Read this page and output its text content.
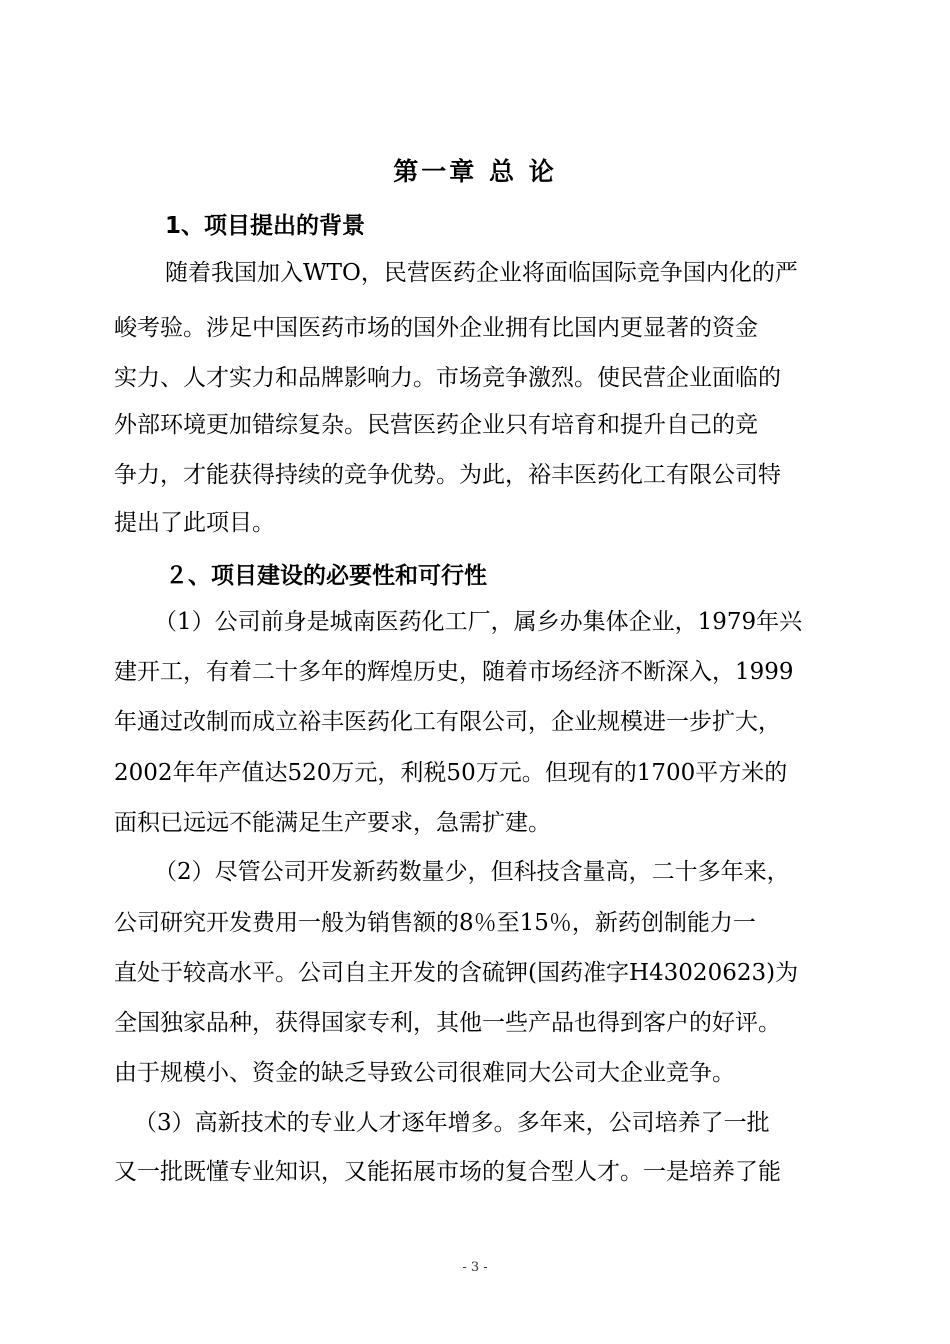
第一章 总 论
1、项目提出的背景
随着我国加入WTO，民营医药企业将面临国际竞争国内化的严
峻考验。涉足中国医药市场的国外企业拥有比国内更显著的资金
实力、人才实力和品牌影响力。市场竞争激烈。使民营企业面临的
外部环境更加错综复杂。民营医药企业只有培育和提升自己的竞
争力，才能获得持续的竞争优势。为此，裕丰医药化工有限公司特
提出了此项目。
２、项目建设的必要性和可行性
（1）公司前身是城南医药化工厂，属乡办集体企业，1979年兴
建开工，有着二十多年的辉煌历史，随着市场经济不断深入，1999
年通过改制而成立裕丰医药化工有限公司，企业规模进一步扩大，
2002年年产值达520万元，利税50万元。但现有的1700平方米的
面积已远远不能满足生产要求，急需扩建。
（2）尽管公司开发新药数量少，但科技含量高，二十多年来，
公司研究开发费用一般为销售额的8％至15％，新药创制能力一
直处于较高水平。公司自主开发的含硫钾(国药准字H43020623)为
全国独家品种，获得国家专利，其他一些产品也得到客户的好评。
由于规模小、资金的缺乏导致公司很难同大公司大企业竞争。
（3）高新技术的专业人才逐年增多。多年来，公司培养了一批
又一批既懂专业知识，又能拓展市场的复合型人才。一是培养了能
- 3 -
